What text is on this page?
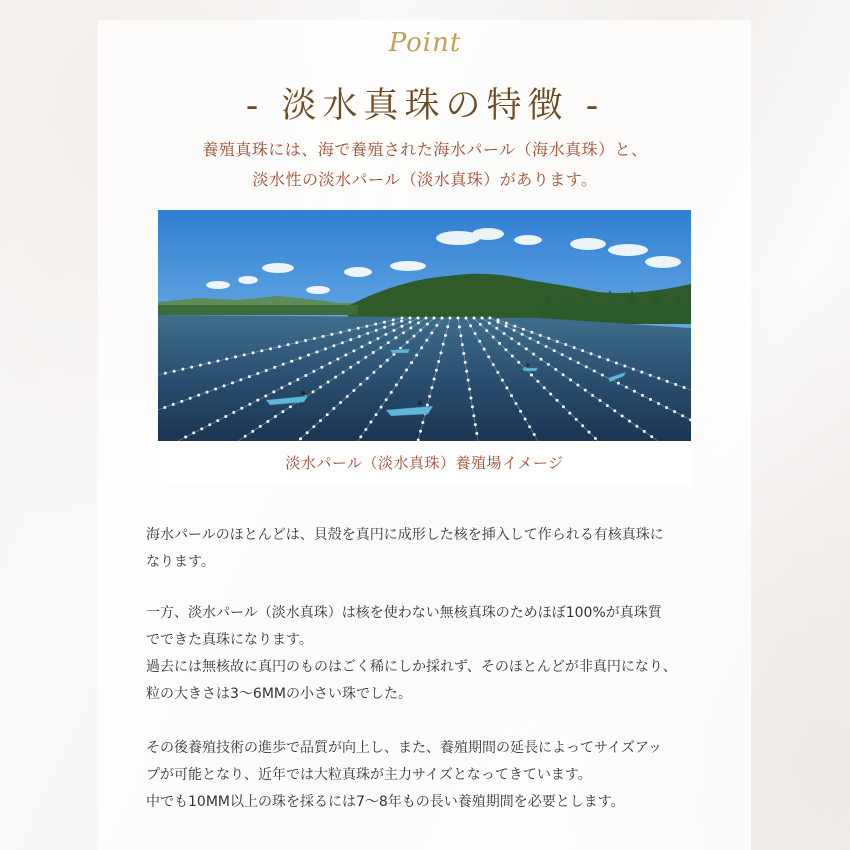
Point
- 淡水真珠の特徴 -
養殖真珠には、海で養殖された海水パール（海水真珠）と、
淡水性の淡水パール（淡水真珠）があります。
淡水パール（淡水真珠）養殖場イメージ
海水パールのほとんどは、貝殻を真円に成形した核を挿入して作られる有核真珠に
なります。
一方、淡水パール（淡水真珠）は核を使わない無核真珠のためほぼ100%が真珠質
でできた真珠になります。
過去には無核故に真円のものはごく稀にしか採れず、そのほとんどが非真円になり、
粒の大きさは3〜6MMの小さい珠でした。
その後養殖技術の進歩で品質が向上し、また、養殖期間の延長によってサイズアッ
プが可能となり、近年では大粒真珠が主力サイズとなってきています。
中でも10MM以上の珠を採るには7〜8年もの長い養殖期間を必要とします。
